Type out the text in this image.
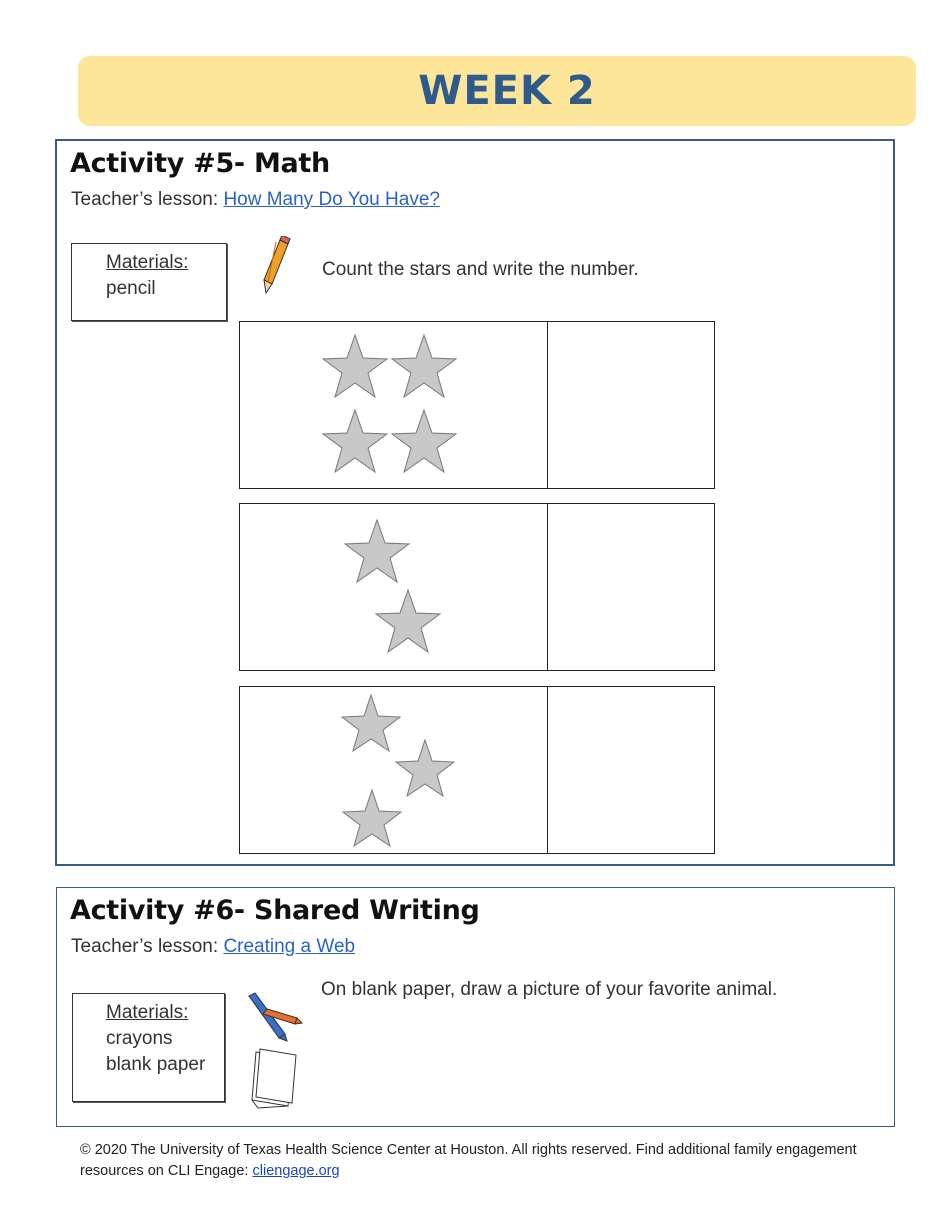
WEEK 2
Activity #5- Math
Teacher’s lesson: How Many Do You Have?

Materials:

pencil

Count the stars and write the number.

Activity #6- Shared Writing
Teacher’s lesson: Creating a Web

Materials:

crayons

blank paper

On blank paper, draw a picture of your favorite animal.

© 2020 The University of Texas Health Science Center at Houston. All rights reserved. Find additional family engagement resources on CLI Engage: cliengage.org
